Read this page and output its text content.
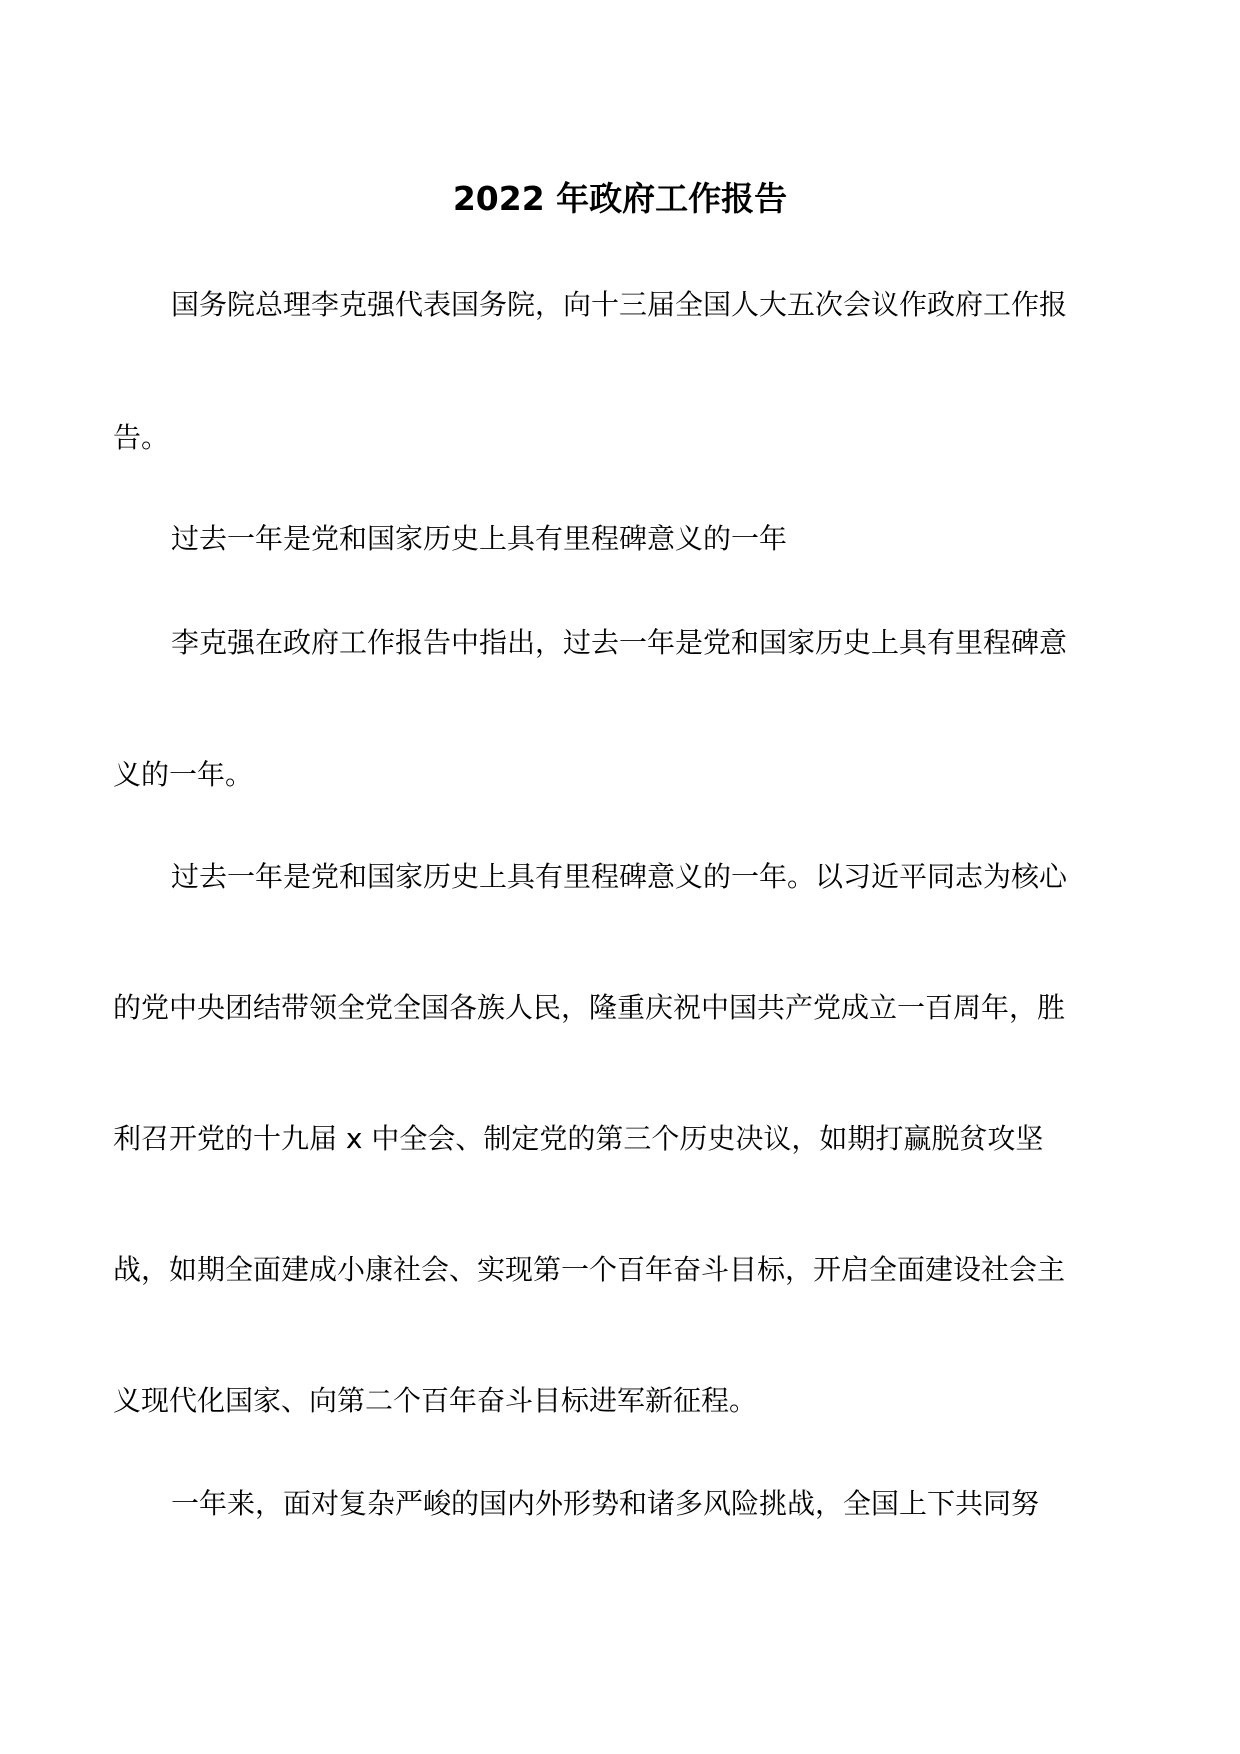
2022 年政府工作报告
国务院总理李克强代表国务院，向十三届全国人大五次会议作政府工作报
告。
过去一年是党和国家历史上具有里程碑意义的一年
李克强在政府工作报告中指出，过去一年是党和国家历史上具有里程碑意
义的一年。
过去一年是党和国家历史上具有里程碑意义的一年。以习近平同志为核心
的党中央团结带领全党全国各族人民，隆重庆祝中国共产党成立一百周年，胜
利召开党的十九届 x 中全会、制定党的第三个历史决议，如期打赢脱贫攻坚
战，如期全面建成小康社会、实现第一个百年奋斗目标，开启全面建设社会主
义现代化国家、向第二个百年奋斗目标进军新征程。
一年来，面对复杂严峻的国内外形势和诸多风险挑战，全国上下共同努
